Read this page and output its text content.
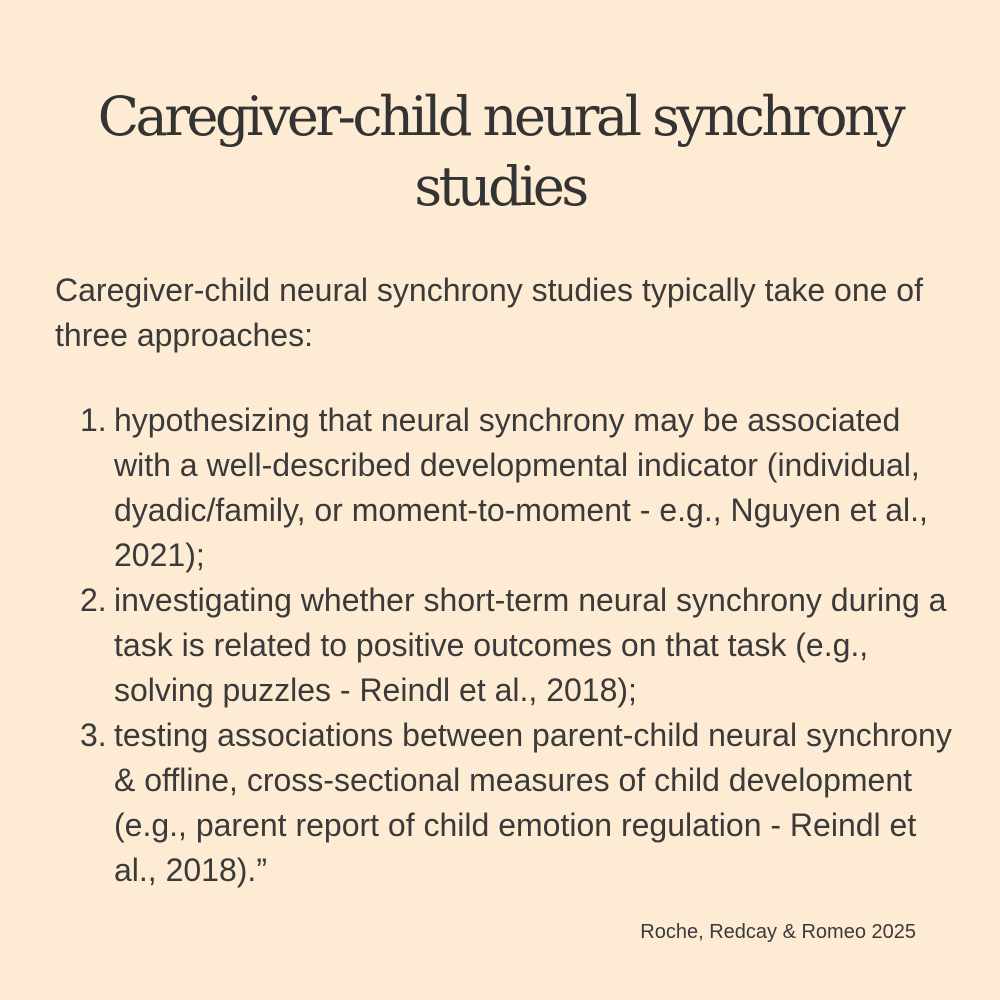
Caregiver-child neural synchrony studies

Caregiver-child neural synchrony studies typically take one of three approaches:

1. hypothesizing that neural synchrony may be associated with a well-described developmental indicator (individual, dyadic/family, or moment-to-moment - e.g., Nguyen et al., 2021);
2. investigating whether short-term neural synchrony during a task is related to positive outcomes on that task (e.g., solving puzzles - Reindl et al., 2018);
3. testing associations between parent-child neural synchrony & offline, cross-sectional measures of child development (e.g., parent report of child emotion regulation - Reindl et al., 2018).”

Roche, Redcay & Romeo 2025
